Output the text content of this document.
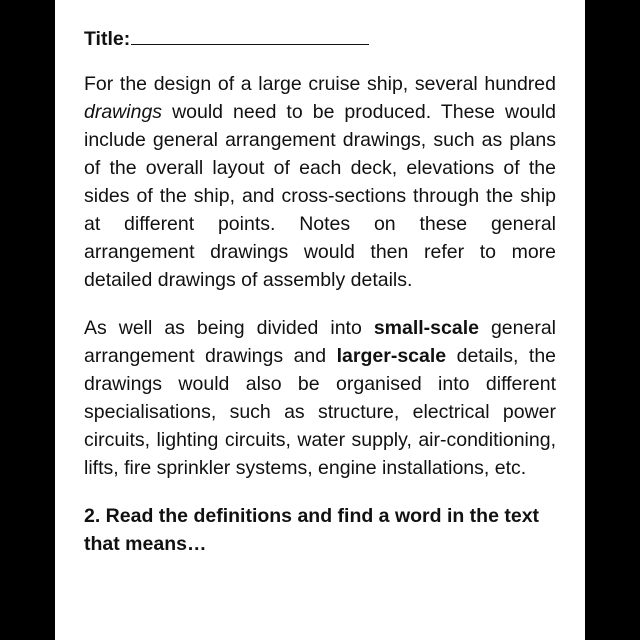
Title:

For the design of a large cruise ship, several hundred drawings would need to be produced. These would include general arrangement drawings, such as plans of the overall layout of each deck, elevations of the sides of the ship, and cross-sections through the ship at different points. Notes on these general arrangement drawings would then refer to more detailed drawings of assembly details.

As well as being divided into small-scale general arrangement drawings and larger-scale details, the drawings would also be organised into different specialisations, such as structure, electrical power circuits, lighting circuits, water supply, air-conditioning, lifts, fire sprinkler systems, engine installations, etc.

2. Read the definitions and find a word in the text that means…
